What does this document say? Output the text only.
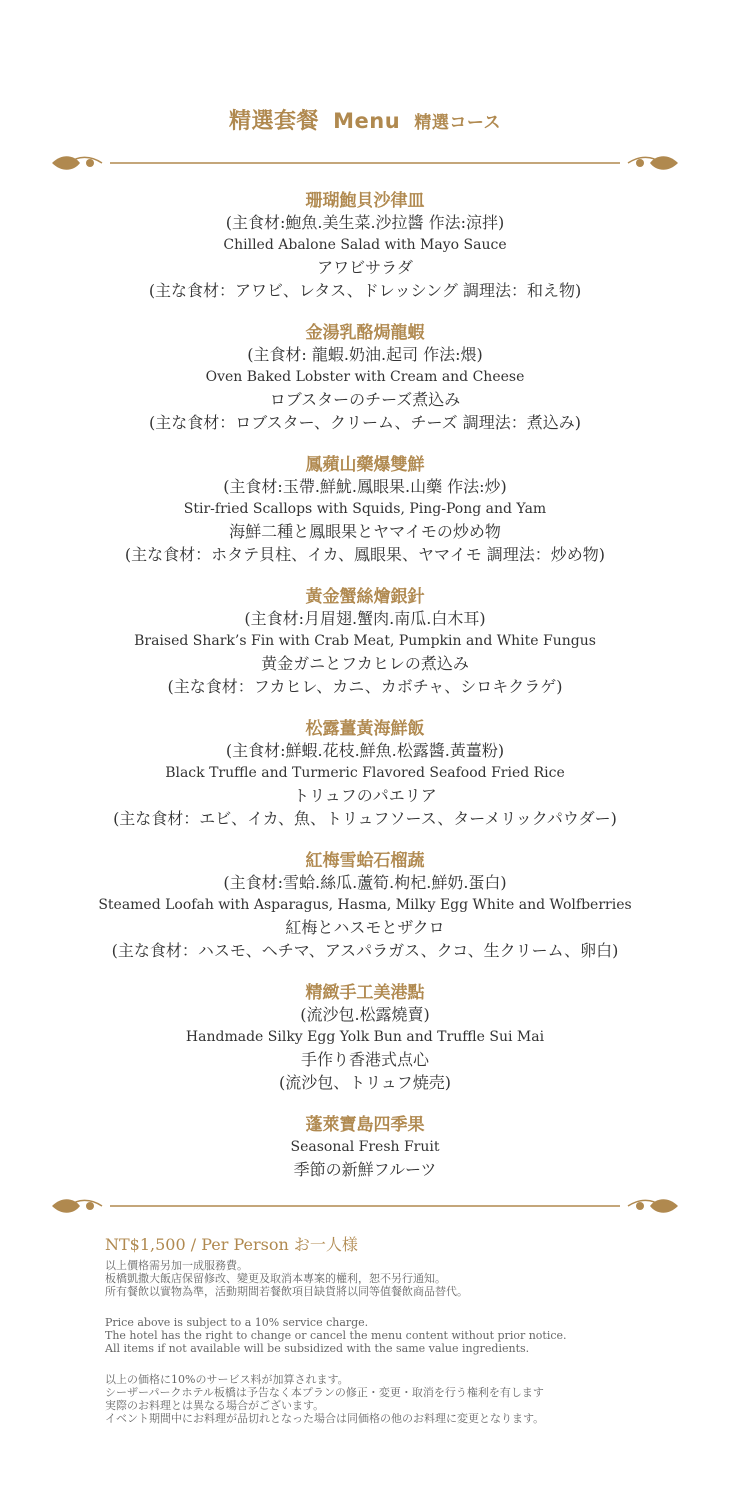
精選套餐 Menu 精選コース
珊瑚鮑貝沙律皿
(主食材:鮑魚.美生菜.沙拉醬 作法:涼拌)
Chilled Abalone Salad with Mayo Sauce
アワビサラダ
(主な食材：アワビ、レタス、ドレッシング 調理法：和え物)
金湯乳酪焗龍蝦
(主食材: 龍蝦.奶油.起司 作法:煨)
Oven Baked Lobster with Cream and Cheese
ロブスターのチーズ煮込み
(主な食材：ロブスター、クリーム、チーズ 調理法：煮込み)
鳳蘋山藥爆雙鮮
(主食材:玉帶.鮮魷.鳳眼果.山藥 作法:炒)
Stir-fried Scallops with Squids, Ping-Pong and Yam
海鮮二種と鳳眼果とヤマイモの炒め物
(主な食材：ホタテ貝柱、イカ、鳳眼果、ヤマイモ 調理法：炒め物)
黃金蟹絲燴銀針
(主食材:月眉翅.蟹肉.南瓜.白木耳)
Braised Shark’s Fin with Crab Meat, Pumpkin and White Fungus
黄金ガニとフカヒレの煮込み
(主な食材：フカヒレ、カニ、カボチャ、シロキクラゲ)
松露薑黃海鮮飯
(主食材:鮮蝦.花枝.鮮魚.松露醬.黃薑粉)
Black Truffle and Turmeric Flavored Seafood Fried Rice
トリュフのパエリア
(主な食材：エビ、イカ、魚、トリュフソース、ターメリックパウダー)
紅梅雪蛤石榴蔬
(主食材:雪蛤.絲瓜.蘆筍.枸杞.鮮奶.蛋白)
Steamed Loofah with Asparagus, Hasma, Milky Egg White and Wolfberries
紅梅とハスモとザクロ
(主な食材：ハスモ、ヘチマ、アスパラガス、クコ、生クリーム、卵白)
精緻手工美港點
(流沙包.松露燒賣)
Handmade Silky Egg Yolk Bun and Truffle Sui Mai
手作り香港式点心
(流沙包、トリュフ焼売)
蓬萊寶島四季果
Seasonal Fresh Fruit
季節の新鮮フルーツ
NT$1,500 / Per Person お一人様
以上價格需另加一成服務費。
板橋凱撒大飯店保留修改、變更及取消本專案的權利，恕不另行通知。
所有餐飲以實物為準，活動期間若餐飲項目缺貨將以同等值餐飲商品替代。
Price above is subject to a 10% service charge.
The hotel has the right to change or cancel the menu content without prior notice.
All items if not available will be subsidized with the same value ingredients.
以上の価格に10%のサービス料が加算されます。
シーザーパークホテル板橋は予告なく本プランの修正・変更・取消を行う権利を有します
実際のお料理とは異なる場合がございます。
イベント期間中にお料理が品切れとなった場合は同価格の他のお料理に変更となります。
